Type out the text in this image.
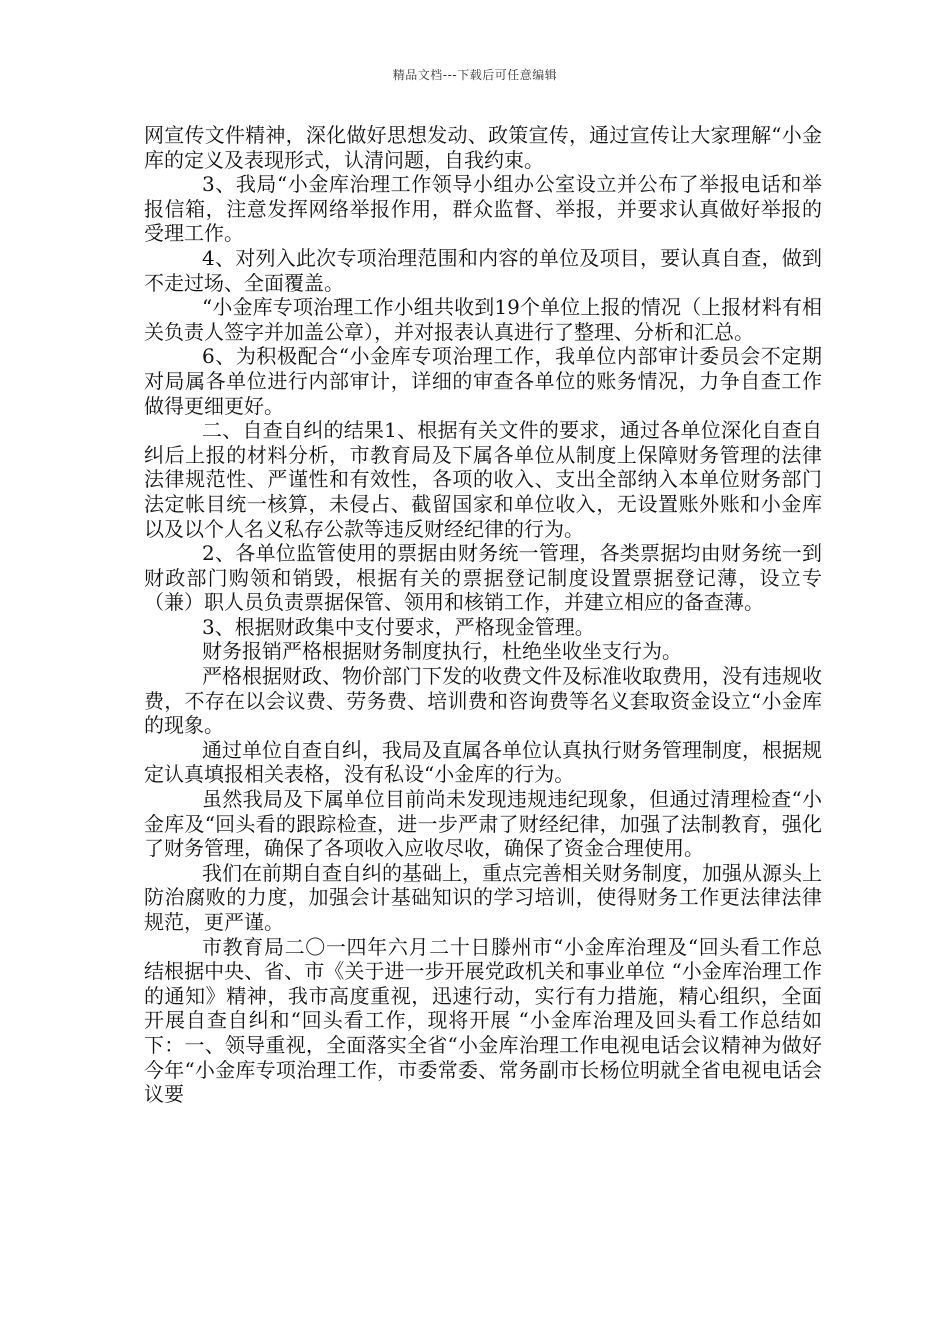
精品文档---下载后可任意编辑

网宣传文件精神，深化做好思想发动、政策宣传，通过宣传让大家理解“小金库的定义及表现形式，认清问题，自我约束。

3、我局“小金库治理工作领导小组办公室设立并公布了举报电话和举报信箱，注意发挥网络举报作用，群众监督、举报，并要求认真做好举报的受理工作。

4、对列入此次专项治理范围和内容的单位及项目，要认真自查，做到不走过场、全面覆盖。

“小金库专项治理工作小组共收到19个单位上报的情况（上报材料有相关负责人签字并加盖公章），并对报表认真进行了整理、分析和汇总。

6、为积极配合“小金库专项治理工作，我单位内部审计委员会不定期对局属各单位进行内部审计，详细的审查各单位的账务情况，力争自查工作做得更细更好。

二、自查自纠的结果1、根据有关文件的要求，通过各单位深化自查自纠后上报的材料分析，市教育局及下属各单位从制度上保障财务管理的法律法律规范性、严谨性和有效性，各项的收入、支出全部纳入本单位财务部门法定帐目统一核算，未侵占、截留国家和单位收入，无设置账外账和小金库以及以个人名义私存公款等违反财经纪律的行为。

2、各单位监管使用的票据由财务统一管理，各类票据均由财务统一到财政部门购领和销毁，根据有关的票据登记制度设置票据登记薄，设立专（兼）职人员负责票据保管、领用和核销工作，并建立相应的备查薄。

3、根据财政集中支付要求，严格现金管理。

财务报销严格根据财务制度执行，杜绝坐收坐支行为。

严格根据财政、物价部门下发的收费文件及标准收取费用，没有违规收费，不存在以会议费、劳务费、培训费和咨询费等名义套取资金设立“小金库的现象。

通过单位自查自纠，我局及直属各单位认真执行财务管理制度，根据规定认真填报相关表格，没有私设“小金库的行为。

虽然我局及下属单位目前尚未发现违规违纪现象，但通过清理检查“小金库及“回头看的跟踪检查，进一步严肃了财经纪律，加强了法制教育，强化了财务管理，确保了各项收入应收尽收，确保了资金合理使用。

我们在前期自查自纠的基础上，重点完善相关财务制度，加强从源头上防治腐败的力度，加强会计基础知识的学习培训，使得财务工作更法律法律规范，更严谨。

市教育局二〇一四年六月二十日滕州市“小金库治理及“回头看工作总结根据中央、省、市《关于进一步开展党政机关和事业单位 “小金库治理工作的通知》精神，我市高度重视，迅速行动，实行有力措施，精心组织，全面开展自查自纠和“回头看工作，现将开展 “小金库治理及回头看工作总结如下：一、领导重视，全面落实全省“小金库治理工作电视电话会议精神为做好今年“小金库专项治理工作，市委常委、常务副市长杨位明就全省电视电话会议要
